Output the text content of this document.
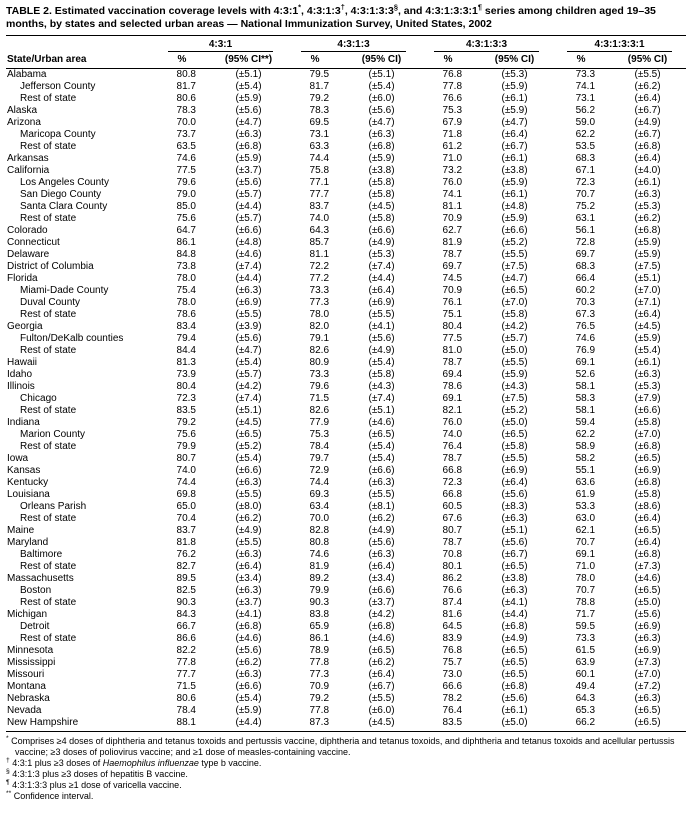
TABLE 2. Estimated vaccination coverage levels with 4:3:1*, 4:3:1:3†, 4:3:1:3:3§, and 4:3:1:3:3:1¶ series among children aged 19–35 months, by states and selected urban areas — National Immunization Survey, United States, 2002

	4:3:1		4:3:1:3		4:3:1:3:3		4:3:1:3:3:1	

State/Urban area	%	(95% CI**)	%	(95% CI)	%	(95% CI)	%	(95% CI)
Alabama	80.8	(±5.1)	79.5	(±5.1)	76.8	(±5.3)	73.3	(±5.5)
Jefferson County	81.7	(±5.4)	81.7	(±5.4)	77.8	(±5.9)	74.1	(±6.2)
Rest of state	80.6	(±5.9)	79.2	(±6.0)	76.6	(±6.1)	73.1	(±6.4)
Alaska	78.3	(±5.6)	78.3	(±5.6)	75.3	(±5.9)	56.2	(±6.7)
Arizona	70.0	(±4.7)	69.5	(±4.7)	67.9	(±4.7)	59.0	(±4.9)
Maricopa County	73.7	(±6.3)	73.1	(±6.3)	71.8	(±6.4)	62.2	(±6.7)
Rest of state	63.5	(±6.8)	63.3	(±6.8)	61.2	(±6.7)	53.5	(±6.8)
Arkansas	74.6	(±5.9)	74.4	(±5.9)	71.0	(±6.1)	68.3	(±6.4)
California	77.5	(±3.7)	75.8	(±3.8)	73.2	(±3.8)	67.1	(±4.0)
Los Angeles County	79.6	(±5.6)	77.1	(±5.8)	76.0	(±5.9)	72.3	(±6.1)
San Diego County	79.0	(±5.7)	77.7	(±5.8)	74.1	(±6.1)	70.7	(±6.3)
Santa Clara County	85.0	(±4.4)	83.7	(±4.5)	81.1	(±4.8)	75.2	(±5.3)
Rest of state	75.6	(±5.7)	74.0	(±5.8)	70.9	(±5.9)	63.1	(±6.2)
Colorado	64.7	(±6.6)	64.3	(±6.6)	62.7	(±6.6)	56.1	(±6.8)
Connecticut	86.1	(±4.8)	85.7	(±4.9)	81.9	(±5.2)	72.8	(±5.9)
Delaware	84.8	(±4.6)	81.1	(±5.3)	78.7	(±5.5)	69.7	(±5.9)
District of Columbia	73.8	(±7.4)	72.2	(±7.4)	69.7	(±7.5)	68.3	(±7.5)
Florida	78.0	(±4.4)	77.2	(±4.4)	74.5	(±4.7)	66.4	(±5.1)
Miami-Dade County	75.4	(±6.3)	73.3	(±6.4)	70.9	(±6.5)	60.2	(±7.0)
Duval County	78.0	(±6.9)	77.3	(±6.9)	76.1	(±7.0)	70.3	(±7.1)
Rest of state	78.6	(±5.5)	78.0	(±5.5)	75.1	(±5.8)	67.3	(±6.4)
Georgia	83.4	(±3.9)	82.0	(±4.1)	80.4	(±4.2)	76.5	(±4.5)
Fulton/DeKalb counties	79.4	(±5.6)	79.1	(±5.6)	77.5	(±5.7)	74.6	(±5.9)
Rest of state	84.4	(±4.7)	82.6	(±4.9)	81.0	(±5.0)	76.9	(±5.4)
Hawaii	81.3	(±5.4)	80.9	(±5.4)	78.7	(±5.5)	69.1	(±6.1)
Idaho	73.9	(±5.7)	73.3	(±5.8)	69.4	(±5.9)	52.6	(±6.3)
Illinois	80.4	(±4.2)	79.6	(±4.3)	78.6	(±4.3)	58.1	(±5.3)
Chicago	72.3	(±7.4)	71.5	(±7.4)	69.1	(±7.5)	58.3	(±7.9)
Rest of state	83.5	(±5.1)	82.6	(±5.1)	82.1	(±5.2)	58.1	(±6.6)
Indiana	79.2	(±4.5)	77.9	(±4.6)	76.0	(±5.0)	59.4	(±5.8)
Marion County	75.6	(±6.5)	75.3	(±6.5)	74.0	(±6.5)	62.2	(±7.0)
Rest of state	79.9	(±5.2)	78.4	(±5.4)	76.4	(±5.8)	58.9	(±6.8)
Iowa	80.7	(±5.4)	79.7	(±5.4)	78.7	(±5.5)	58.2	(±6.5)
Kansas	74.0	(±6.6)	72.9	(±6.6)	66.8	(±6.9)	55.1	(±6.9)
Kentucky	74.4	(±6.3)	74.4	(±6.3)	72.3	(±6.4)	63.6	(±6.8)
Louisiana	69.8	(±5.5)	69.3	(±5.5)	66.8	(±5.6)	61.9	(±5.8)
Orleans Parish	65.0	(±8.0)	63.4	(±8.1)	60.5	(±8.3)	53.3	(±8.6)
Rest of state	70.4	(±6.2)	70.0	(±6.2)	67.6	(±6.3)	63.0	(±6.4)
Maine	83.7	(±4.9)	82.8	(±4.9)	80.7	(±5.1)	62.1	(±6.5)
Maryland	81.8	(±5.5)	80.8	(±5.6)	78.7	(±5.6)	70.7	(±6.4)
Baltimore	76.2	(±6.3)	74.6	(±6.3)	70.8	(±6.7)	69.1	(±6.8)
Rest of state	82.7	(±6.4)	81.9	(±6.4)	80.1	(±6.5)	71.0	(±7.3)
Massachusetts	89.5	(±3.4)	89.2	(±3.4)	86.2	(±3.8)	78.0	(±4.6)
Boston	82.5	(±6.3)	79.9	(±6.6)	76.6	(±6.3)	70.7	(±6.5)
Rest of state	90.3	(±3.7)	90.3	(±3.7)	87.4	(±4.1)	78.8	(±5.0)
Michigan	84.3	(±4.1)	83.8	(±4.2)	81.6	(±4.4)	71.7	(±5.6)
Detroit	66.7	(±6.8)	65.9	(±6.8)	64.5	(±6.8)	59.5	(±6.9)
Rest of state	86.6	(±4.6)	86.1	(±4.6)	83.9	(±4.9)	73.3	(±6.3)
Minnesota	82.2	(±5.6)	78.9	(±6.5)	76.8	(±6.5)	61.5	(±6.9)
Mississippi	77.8	(±6.2)	77.8	(±6.2)	75.7	(±6.5)	63.9	(±7.3)
Missouri	77.7	(±6.3)	77.3	(±6.4)	73.0	(±6.5)	60.1	(±7.0)
Montana	71.5	(±6.6)	70.9	(±6.7)	66.6	(±6.8)	49.4	(±7.2)
Nebraska	80.6	(±5.4)	79.2	(±5.5)	78.2	(±5.6)	64.3	(±6.3)
Nevada	78.4	(±5.9)	77.8	(±6.0)	76.4	(±6.1)	65.3	(±6.5)
New Hampshire	88.1	(±4.4)	87.3	(±4.5)	83.5	(±5.0)	66.2	(±6.5)
* Comprises ≥4 doses of diphtheria and tetanus toxoids and pertussis vaccine, diphtheria and tetanus toxoids, and diphtheria and tetanus toxoids and acellular pertussis vaccine; ≥3 doses of poliovirus vaccine; and ≥1 dose of measles-containing vaccine.
† 4:3:1 plus ≥3 doses of Haemophilus influenzae type b vaccine.
§ 4:3:1:3 plus ≥3 doses of hepatitis B vaccine.
¶ 4:3:1:3:3 plus ≥1 dose of varicella vaccine.
** Confidence interval.
